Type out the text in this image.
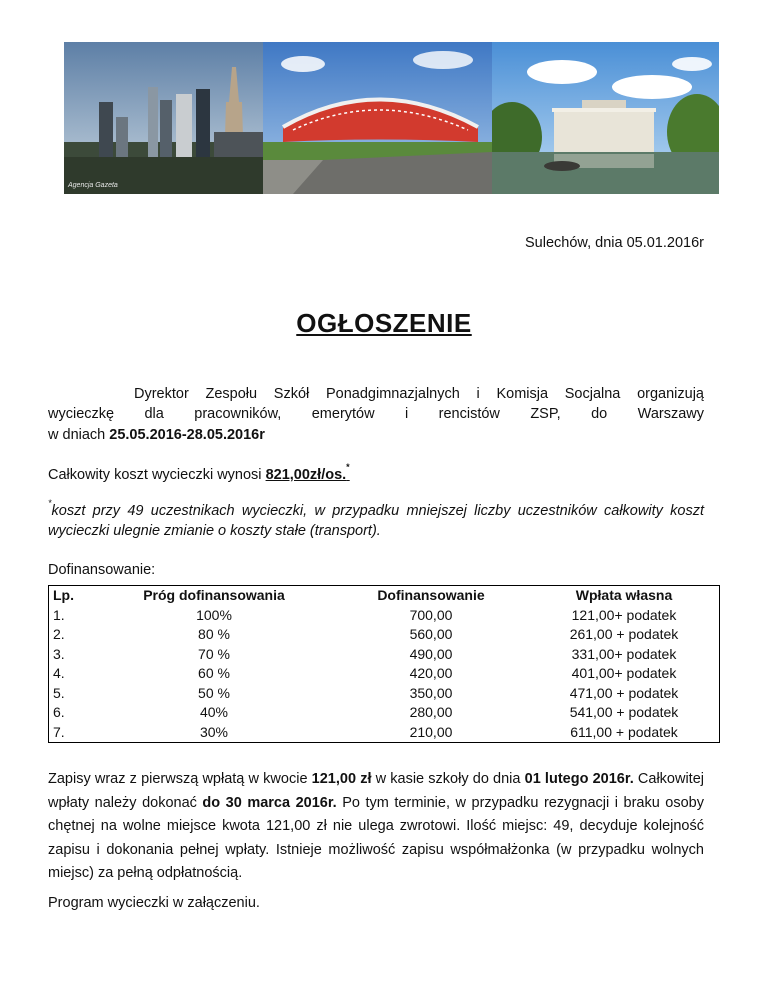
Agencja Gazeta
Sulechów, dnia 05.01.2016r
OGŁOSZENIE

Dyrektor Zespołu Szkół Ponadgimnazjalnych i Komisja Socjalna organizują

wycieczkę dla pracowników, emerytów i rencistów ZSP, do Warszawy

w dniach 25.05.2016-28.05.2016r

Całkowity koszt wycieczki wynosi 821,00zł/os.*

*koszt przy 49 uczestnikach wycieczki, w przypadku mniejszej liczby uczestników całkowity koszt wycieczki ulegnie zmianie o koszty stałe (transport).

Dofinansowanie:

Lp.	Próg dofinansowania	Dofinansowanie	Wpłata własna
1.	100%	700,00	121,00+ podatek
2.	80 %	560,00	261,00 + podatek
3.	70 %	490,00	331,00+ podatek
4.	60 %	420,00	401,00+ podatek
5.	50 %	350,00	471,00 + podatek
6.	40%	280,00	541,00 + podatek
7.	30%	210,00	611,00 + podatek

Zapisy wraz z pierwszą wpłatą w kwocie 121,00 zł w kasie szkoły do dnia 01 lutego 2016r. Całkowitej wpłaty należy dokonać do 30 marca 2016r. Po tym terminie, w przypadku rezygnacji i braku osoby chętnej na wolne miejsce kwota 121,00 zł nie ulega zwrotowi. Ilość miejsc: 49, decyduje kolejność zapisu i dokonania pełnej wpłaty. Istnieje możliwość zapisu współmałżonka (w przypadku wolnych miejsc) za pełną odpłatnością.

Program wycieczki w załączeniu.
